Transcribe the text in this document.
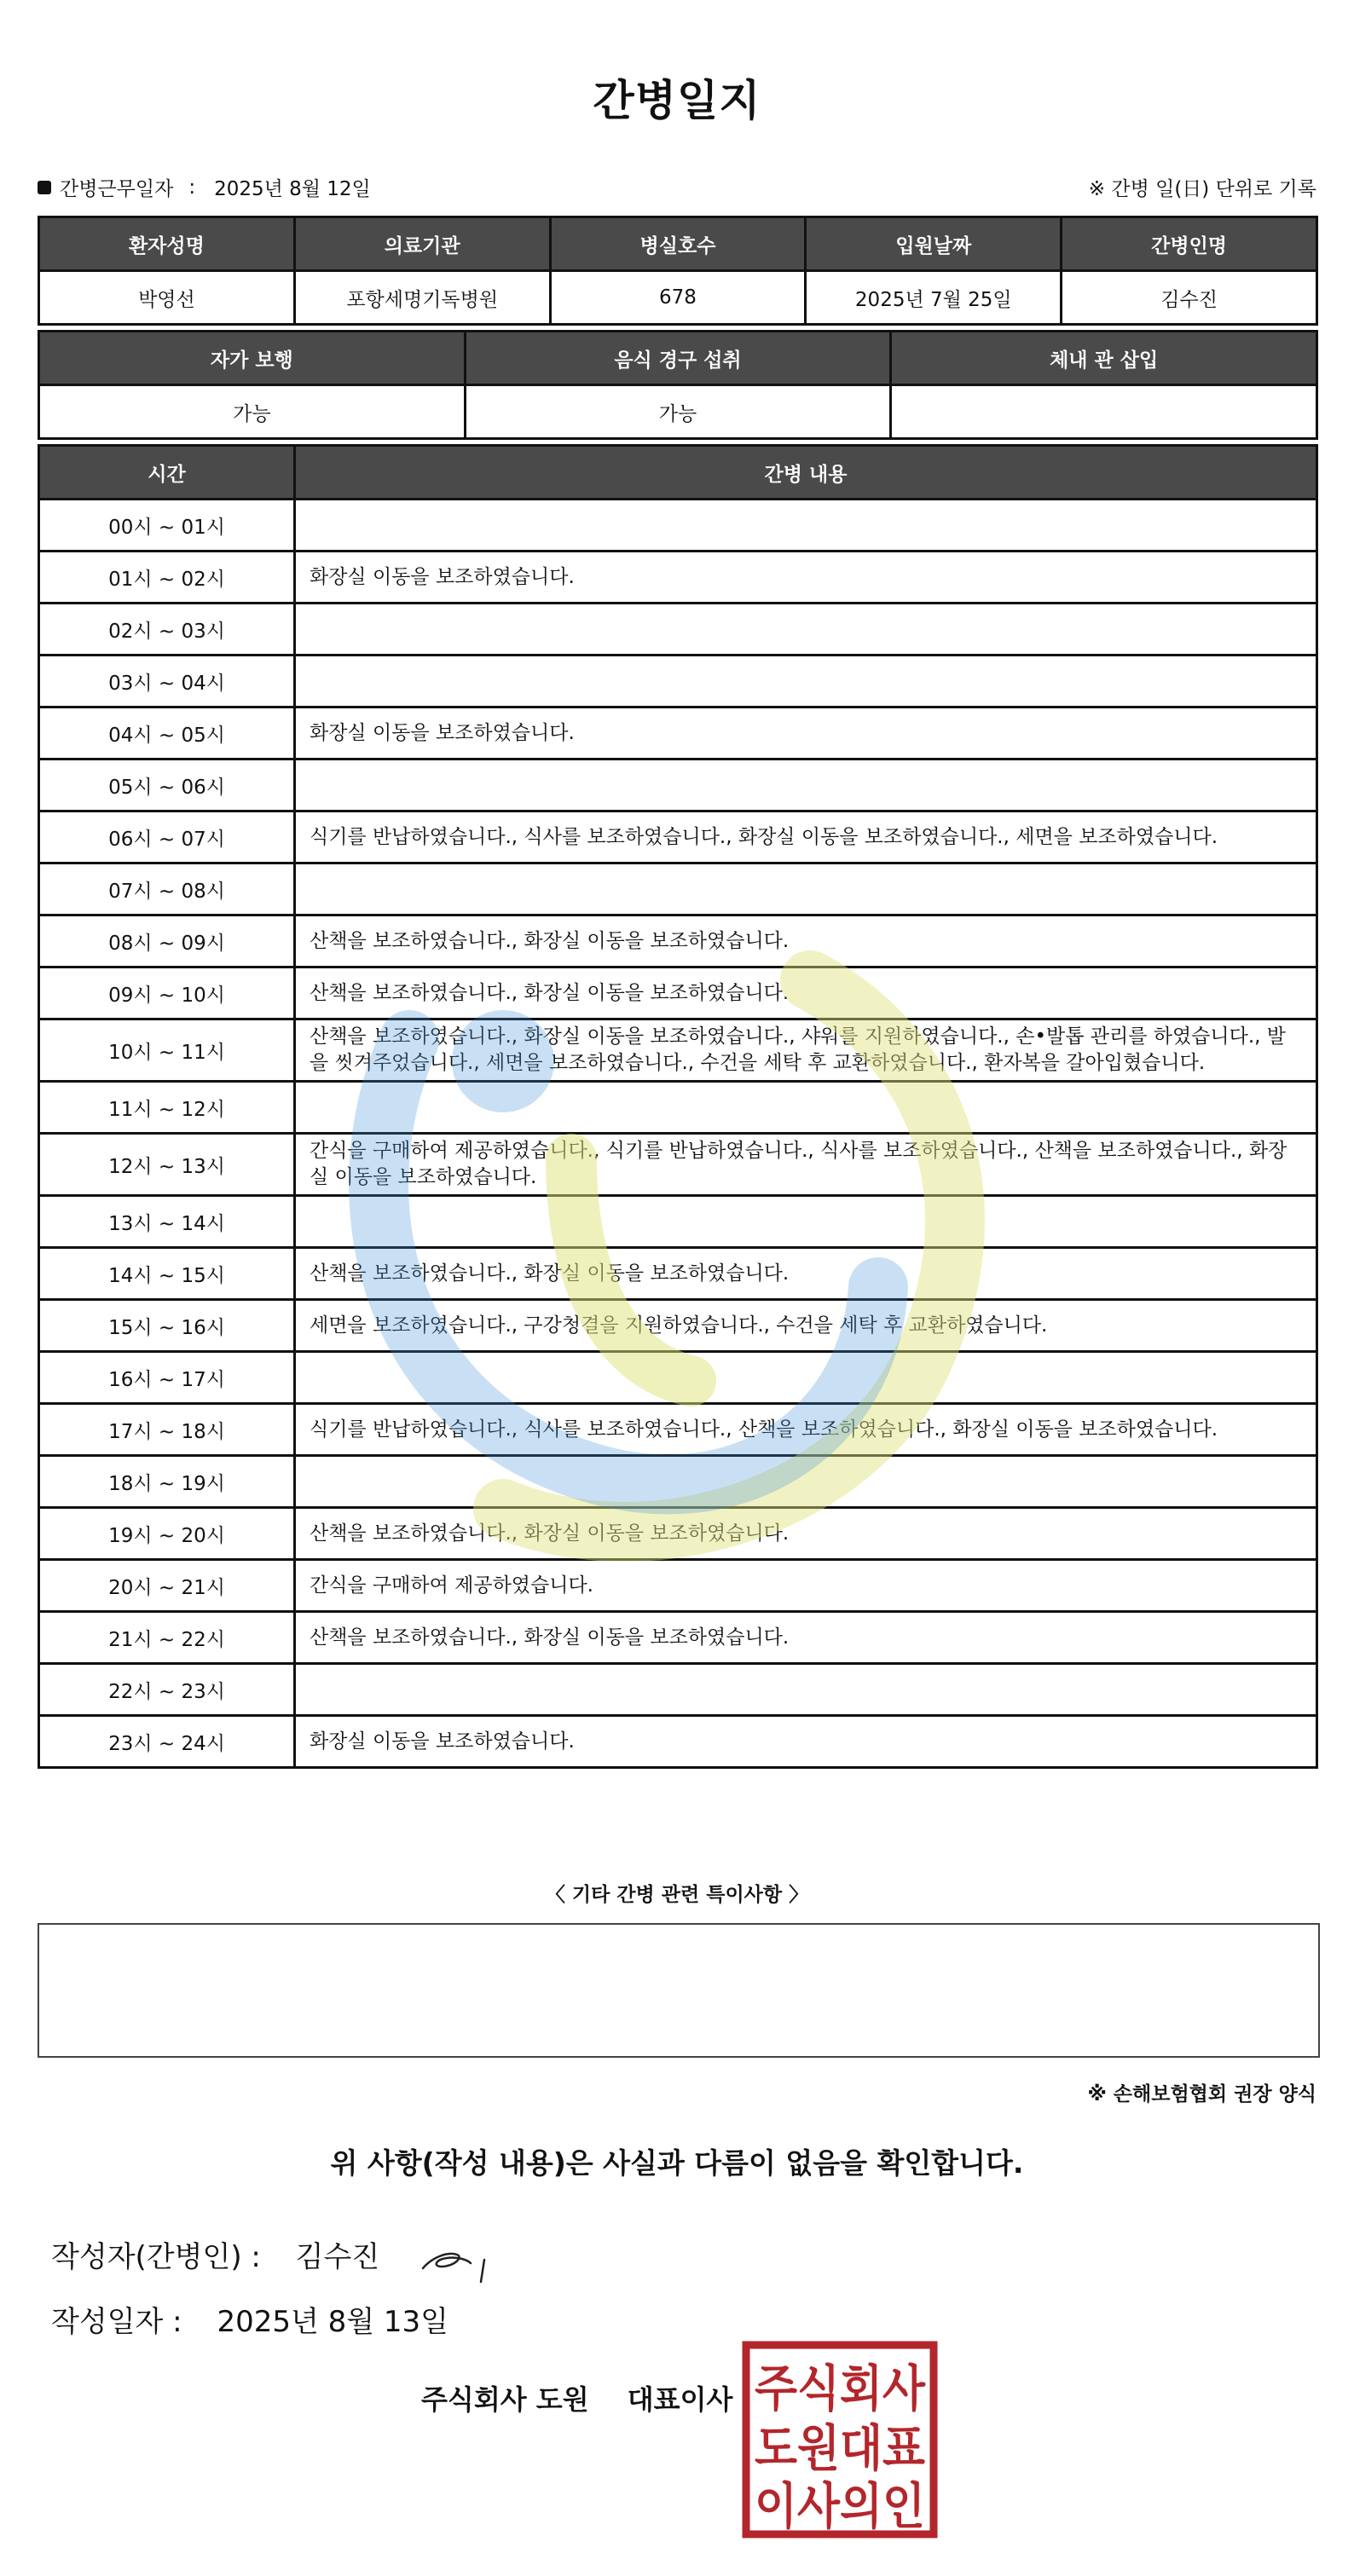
간병일지
간병근무일자 : 2025년 8월 12일	※ 간병 일(日) 단위로 기록
환자성명	의료기관	병실호수	입원날짜	간병인명
박영선	포항세명기독병원	678	2025년 7월 25일	김수진
자가 보행	음식 경구 섭취	체내 관 삽입
가능	가능	
시간	간병 내용
00시 ~ 01시	
01시 ~ 02시	화장실 이동을 보조하였습니다.
02시 ~ 03시	
03시 ~ 04시	
04시 ~ 05시	화장실 이동을 보조하였습니다.
05시 ~ 06시	
06시 ~ 07시	식기를 반납하였습니다., 식사를 보조하였습니다., 화장실 이동을 보조하였습니다., 세면을 보조하였습니다.
07시 ~ 08시	
08시 ~ 09시	산책을 보조하였습니다., 화장실 이동을 보조하였습니다.
09시 ~ 10시	산책을 보조하였습니다., 화장실 이동을 보조하였습니다.
10시 ~ 11시	산책을 보조하였습니다., 화장실 이동을 보조하였습니다., 샤워를 지원하였습니다., 손•발톱 관리를 하였습니다., 발을 씻겨주었습니다., 세면을 보조하였습니다., 수건을 세탁 후 교환하였습니다., 환자복을 갈아입혔습니다.
11시 ~ 12시	
12시 ~ 13시	간식을 구매하여 제공하였습니다., 식기를 반납하였습니다., 식사를 보조하였습니다., 산책을 보조하였습니다., 화장실 이동을 보조하였습니다.
13시 ~ 14시	
14시 ~ 15시	산책을 보조하였습니다., 화장실 이동을 보조하였습니다.
15시 ~ 16시	세면을 보조하였습니다., 구강청결을 지원하였습니다., 수건을 세탁 후 교환하였습니다.
16시 ~ 17시	
17시 ~ 18시	식기를 반납하였습니다., 식사를 보조하였습니다., 산책을 보조하였습니다., 화장실 이동을 보조하였습니다.
18시 ~ 19시	
19시 ~ 20시	산책을 보조하였습니다., 화장실 이동을 보조하였습니다.
20시 ~ 21시	간식을 구매하여 제공하였습니다.
21시 ~ 22시	산책을 보조하였습니다., 화장실 이동을 보조하였습니다.
22시 ~ 23시	
23시 ~ 24시	화장실 이동을 보조하였습니다.
〈 기타 간병 관련 특이사항 〉
※ 손해보험협회 권장 양식
위 사항(작성 내용)은 사실과 다름이 없음을 확인합니다.
작성자(간병인) : 김수진
작성일자 : 2025년 8월 13일
주식회사 도원 대표이사 주식회사
도원대표
이사의인
